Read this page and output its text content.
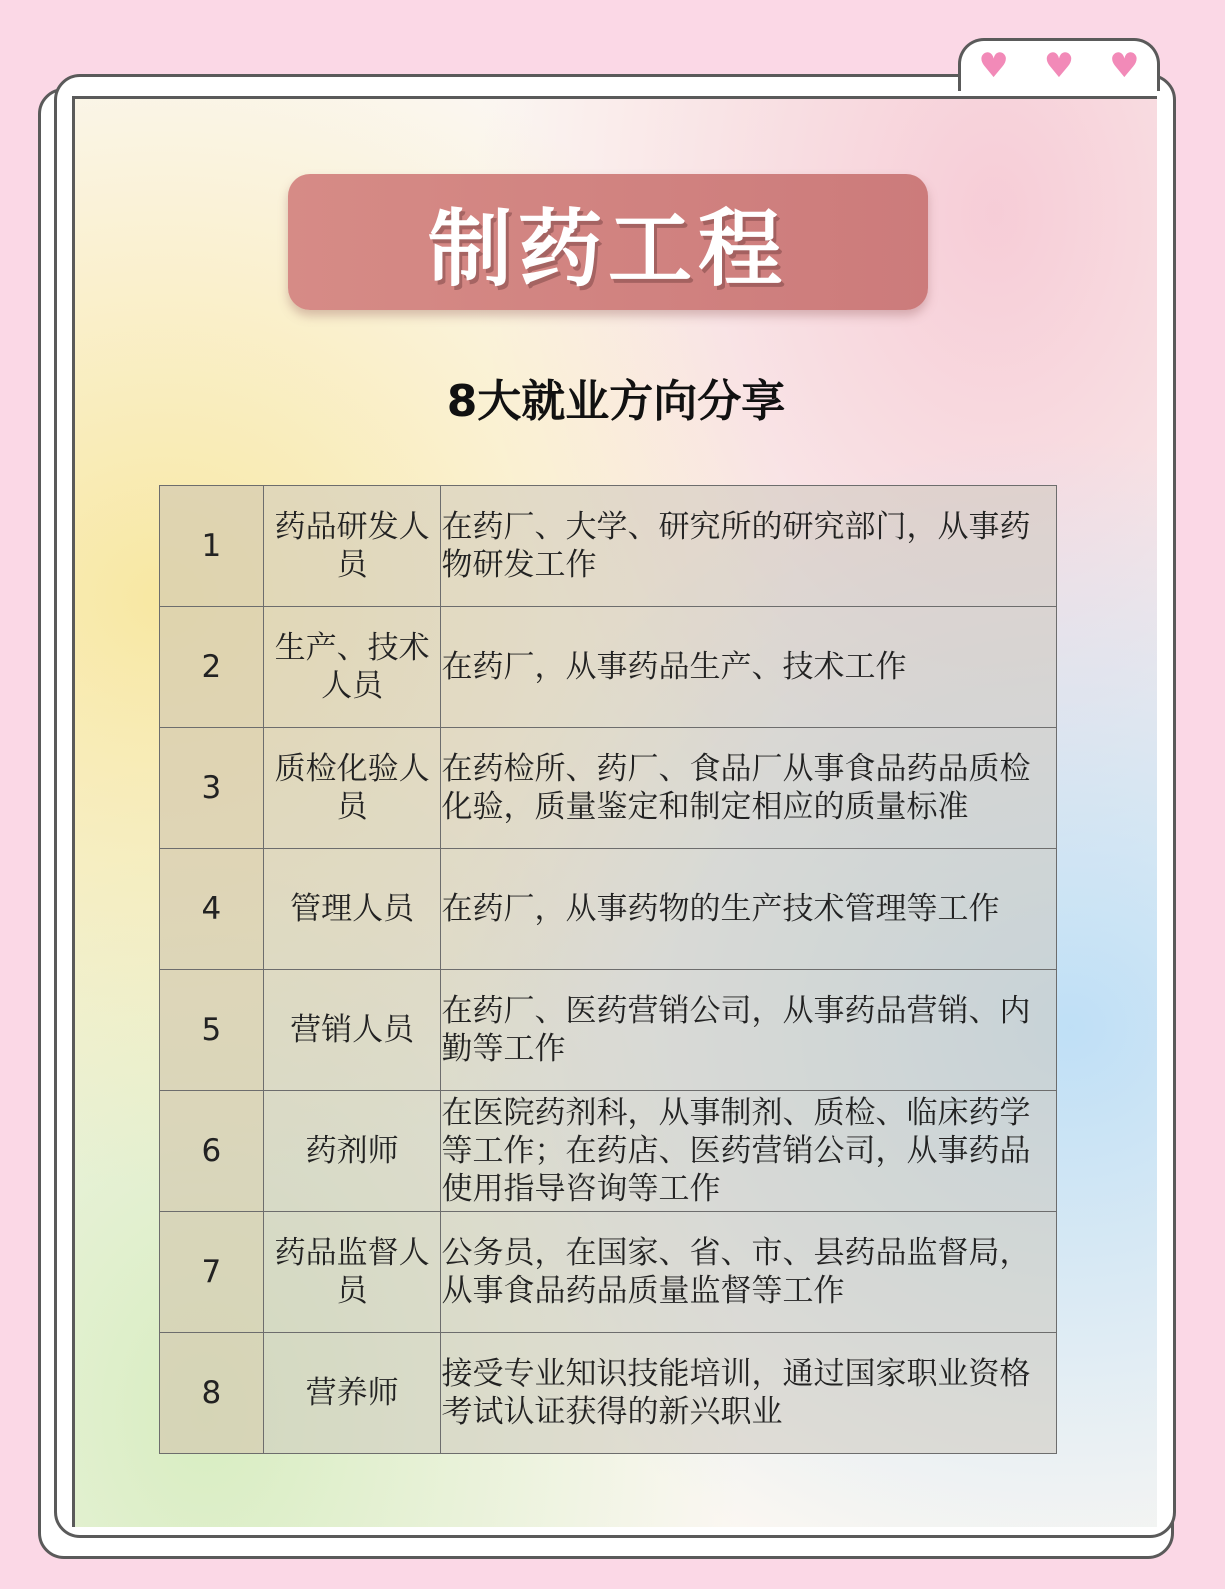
♥ ♥ ♥
制药工程
8大就业方向分享
1	药品研发人员	在药厂、大学、研究所的研究部门，从事药物研发工作
2	生产、技术人员	在药厂，从事药品生产、技术工作
3	质检化验人员	在药检所、药厂、食品厂从事食品药品质检化验，质量鉴定和制定相应的质量标准
4	管理人员	在药厂，从事药物的生产技术管理等工作
5	营销人员	在药厂、医药营销公司，从事药品营销、内勤等工作
6	药剂师	在医院药剂科，从事制剂、质检、临床药学等工作；在药店、医药营销公司，从事药品使用指导咨询等工作
7	药品监督人员	公务员，在国家、省、市、县药品监督局，从事食品药品质量监督等工作
8	营养师	接受专业知识技能培训，通过国家职业资格考试认证获得的新兴职业
